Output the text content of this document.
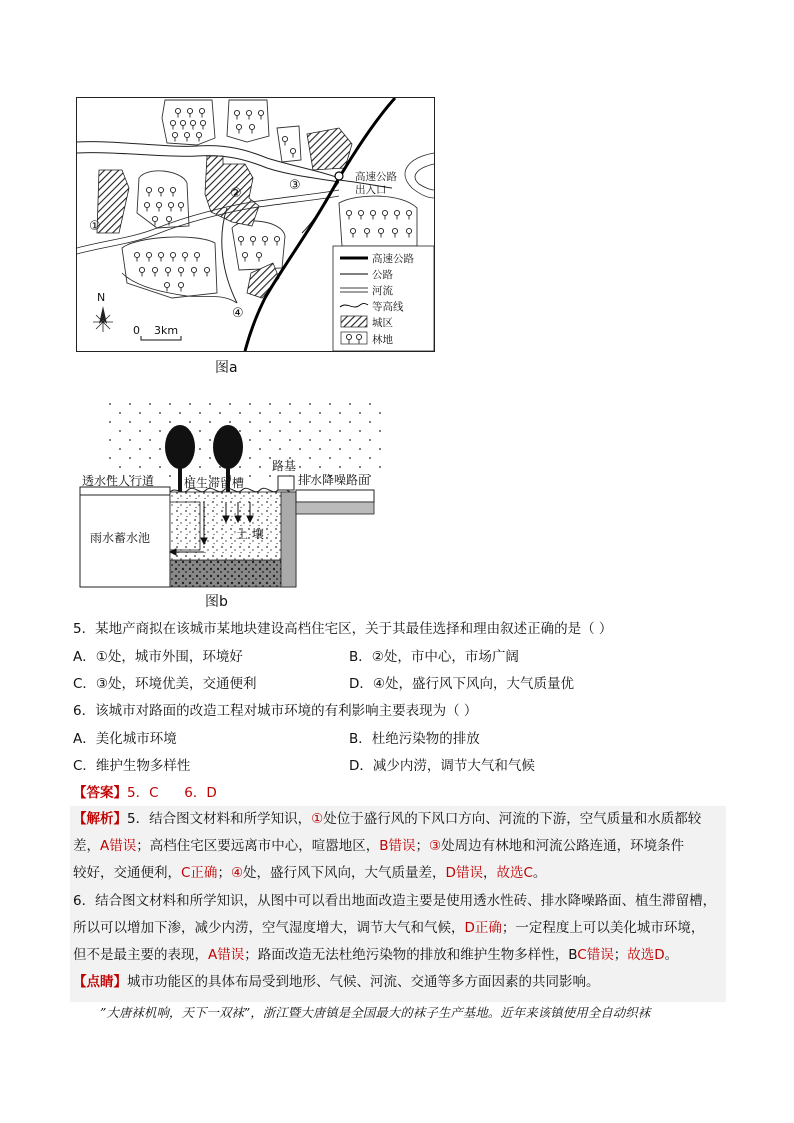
①
②
③
④
高速公路
出入口
N
0    3km
高速公路
公路
河流
等高线
城区
林地
图a
透水性人行道 植生滞留槽
路基
排水降噪路面
雨水蓄水池	土 壤
图b
5．某地产商拟在该城市某地块建设高档住宅区，关于其最佳选择和理由叙述正确的是（ ）
A．①处，城市外围，环境好	B．②处，市中心，市场广阔
C．③处，环境优美，交通便利	D．④处，盛行风下风向，大气质量优
6．该城市对路面的改造工程对城市环境的有利影响主要表现为（ ）
A．美化城市环境	B．杜绝污染物的排放
C．维护生物多样性	D．减少内涝，调节大气和气候
【答案】5．C      6．D
【解析】5．结合图文材料和所学知识，①处位于盛行风的下风口方向、河流的下游，空气质量和水质都较
差，A错误；高档住宅区要远离市中心，喧嚣地区，B错误；③处周边有林地和河流公路连通，环境条件
较好，交通便利，C正确；④处，盛行风下风向，大气质量差，D错误，故选C。
6．结合图文材料和所学知识，从图中可以看出地面改造主要是使用透水性砖、排水降噪路面、植生滞留槽，
所以可以增加下渗，减少内涝，空气湿度增大，调节大气和气候，D正确；一定程度上可以美化城市环境，
但不是最主要的表现，A错误；路面改造无法杜绝污染物的排放和维护生物多样性，BC错误；故选D。
【点睛】城市功能区的具体布局受到地形、气候、河流、交通等多方面因素的共同影响。
”大唐袜机响，天下一双袜”，浙江暨大唐镇是全国最大的袜子生产基地。近年来该镇使用全自动织袜
